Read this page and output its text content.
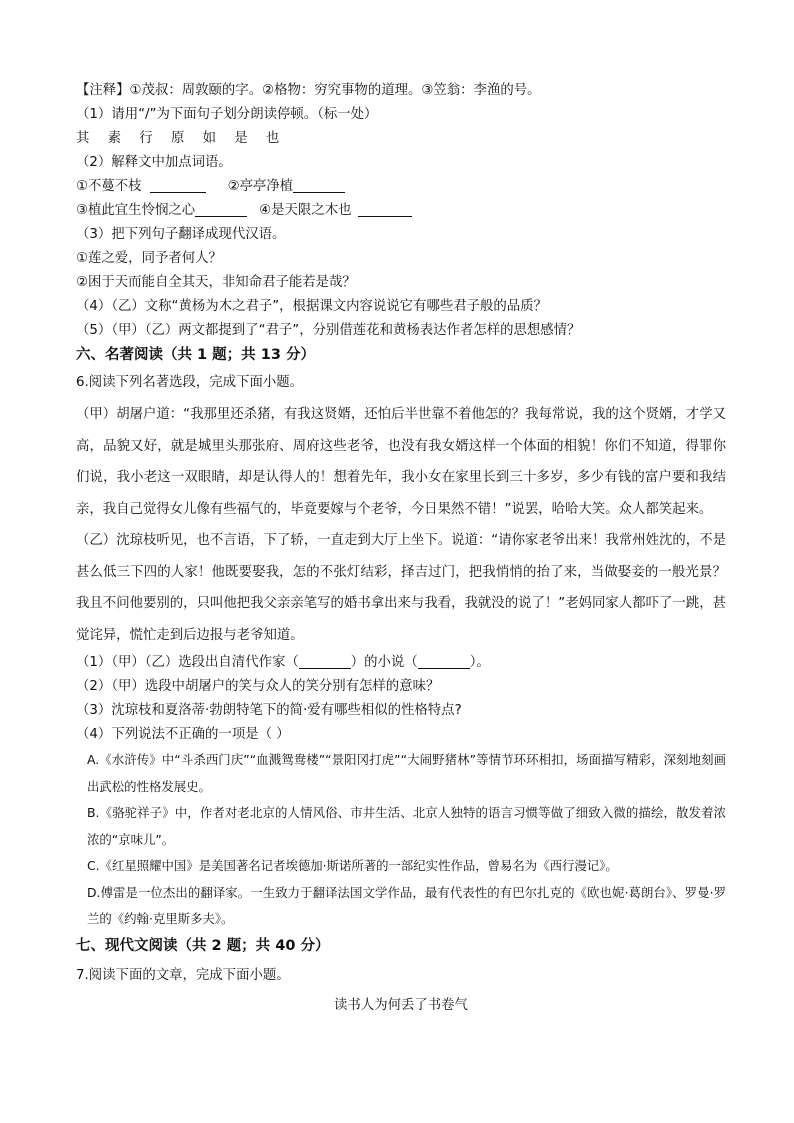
【注释】①茂叔：周敦颐的字。②格物：穷究事物的道理。③笠翁：李渔的号。
（1）请用“/”为下面句子划分朗读停顿。（标一处）
其 素 行 原 如 是 也
（2）解释文中加点词语。
①不蔓不枝	②亭亭净植
③植此宜生怜悯之心	④是天限之木也
（3）把下列句子翻译成现代汉语。
①莲之爱，同予者何人？
②困于天而能自全其天，非知命君子能若是哉？
（4）（乙）文称“黄杨为木之君子”，根据课文内容说说它有哪些君子般的品质？
（5）（甲）（乙）两文都提到了“君子”，分别借莲花和黄杨表达作者怎样的思想感情？
六、名著阅读（共 1 题；共 13 分）
6.阅读下列名著选段，完成下面小题。
（甲）胡屠户道：“我那里还杀猪，有我这贤婿，还怕后半世靠不着他怎的？我每常说，我的这个贤婿，才学又高，品貌又好，就是城里头那张府、周府这些老爷，也没有我女婿这样一个体面的相貌！你们不知道，得罪你们说，我小老这一双眼睛，却是认得人的！想着先年，我小女在家里长到三十多岁，多少有钱的富户要和我结亲，我自己觉得女儿像有些福气的，毕竟要嫁与个老爷，今日果然不错！”说罢，哈哈大笑。众人都笑起来。
（乙）沈琼枝听见，也不言语，下了轿，一直走到大厅上坐下。说道：“请你家老爷出来！我常州姓沈的，不是甚么低三下四的人家！他既要娶我，怎的不张灯结彩，择吉过门，把我悄悄的抬了来，当做娶妾的一般光景？我且不问他要别的，只叫他把我父亲亲笔写的婚书拿出来与我看，我就没的说了！”老妈同家人都吓了一跳，甚觉诧异，慌忙走到后边报与老爷知道。
（1）（甲）（乙）选段出自清代作家（	）的小说（	）。
（2）（甲）选段中胡屠户的笑与众人的笑分别有怎样的意味？
（3）沈琼枝和夏洛蒂·勃朗特笔下的简·爱有哪些相似的性格特点?
（4）下列说法不正确的一项是（ ）
A.《水浒传》中“斗杀西门庆”“血溅鸳鸯楼”“景阳冈打虎”“大闹野猪林”等情节环环相扣，场面描写精彩，深刻地刻画出武松的性格发展史。
B.《骆驼祥子》中，作者对老北京的人情风俗、市井生活、北京人独特的语言习惯等做了细致入微的描绘，散发着浓浓的“京味儿”。
C.《红星照耀中国》是美国著名记者埃德加·斯诺所著的一部纪实性作品，曾易名为《西行漫记》。
D.傅雷是一位杰出的翻译家。一生致力于翻译法国文学作品，最有代表性的有巴尔扎克的《欧也妮·葛朗台》、罗曼·罗兰的《约翰·克里斯多夫》。
七、现代文阅读（共 2 题；共 40 分）
7.阅读下面的文章，完成下面小题。
读书人为何丢了书卷气
